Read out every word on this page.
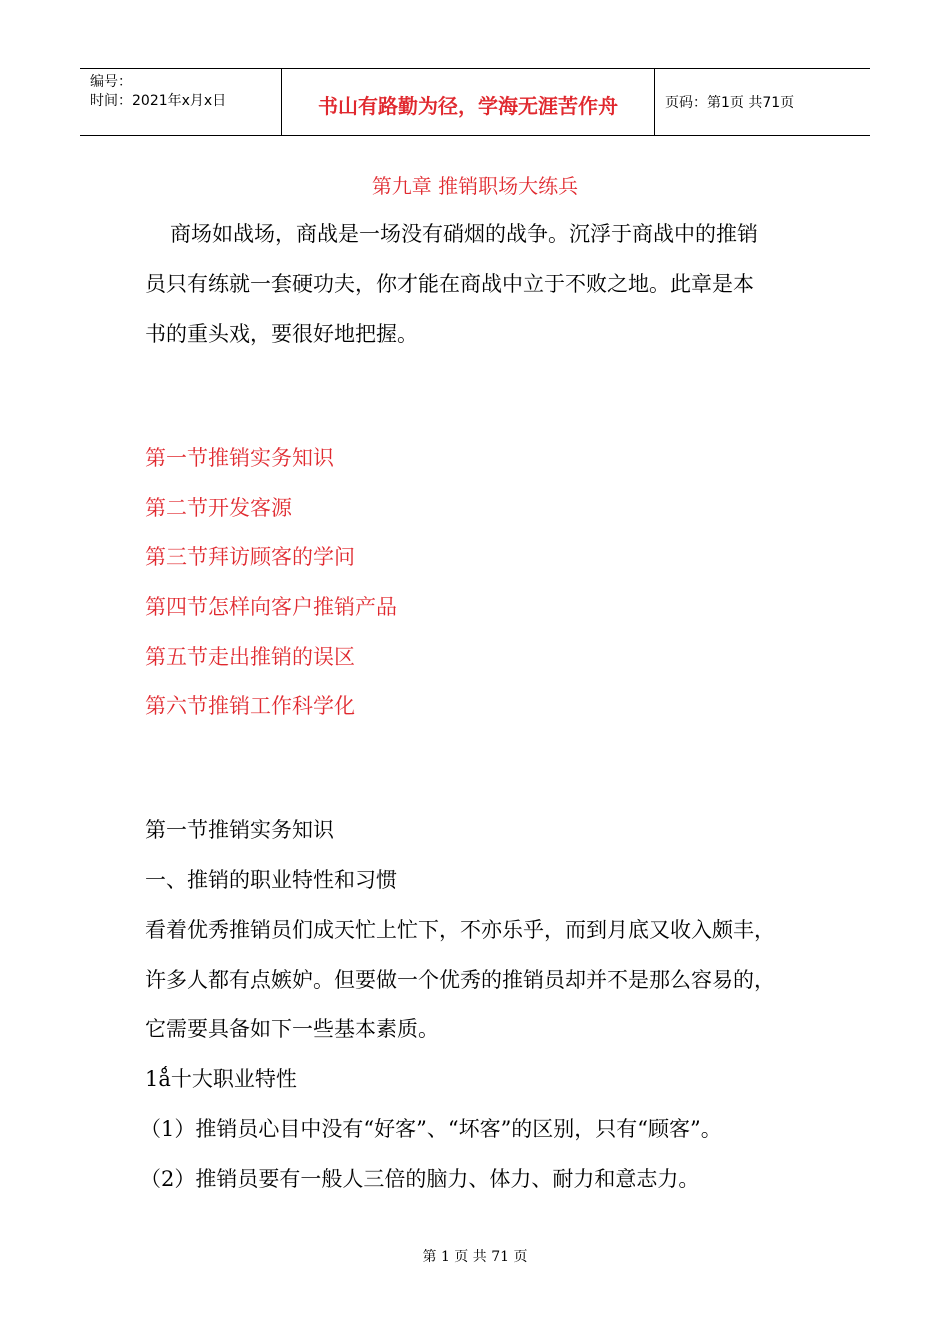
编号：
时间：2021年x月x日	书山有路勤为径，学海无涯苦作舟	页码：第1页 共71页
第九章 推销职场大练兵
商场如战场，商战是一场没有硝烟的战争。沉浮于商战中的推销
员只有练就一套硬功夫，你才能在商战中立于不败之地。此章是本
书的重头戏，要很好地把握。
第一节推销实务知识
第二节开发客源
第三节拜访顾客的学问
第四节怎样向客户推销产品
第五节走出推销的误区
第六节推销工作科学化
第一节推销实务知识
一、推销的职业特性和习惯
看着优秀推销员们成天忙上忙下，不亦乐乎，而到月底又收入颇丰，
许多人都有点嫉妒。但要做一个优秀的推销员却并不是那么容易的，
它需要具备如下一些基本素质。
1ǻ十大职业特性
（1）推销员心目中没有“好客”、“坏客”的区别，只有“顾客”。
（2）推销员要有一般人三倍的脑力、体力、耐力和意志力。
第 1 页 共 71 页
